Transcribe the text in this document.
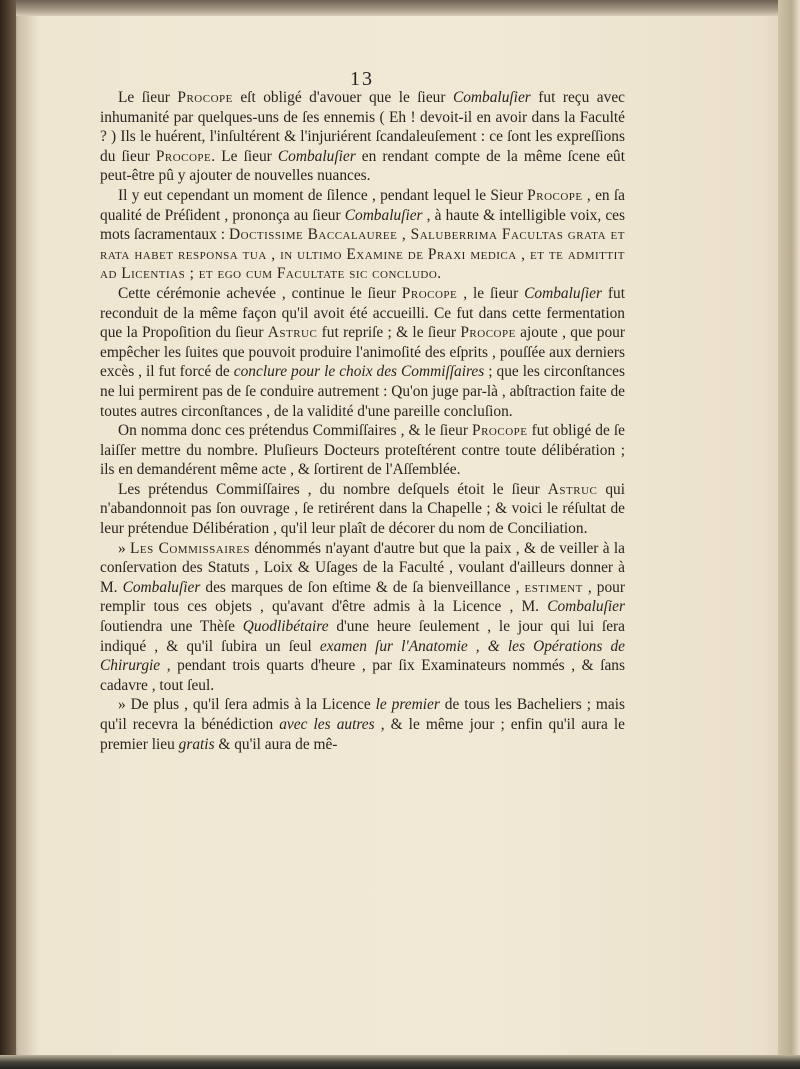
13

Le ſieur Procope eſt obligé d'avouer que le ſieur Combaluſier fut reçu avec inhumanité par quelques-uns de ſes ennemis ( Eh ! devoit-il en avoir dans la Faculté ? ) Ils le huérent, l'inſultérent & l'injuriérent ſcandaleuſement : ce ſont les expreſſions du ſieur Procope. Le ſieur Combaluſier en rendant compte de la même ſcene eût peut-être pû y ajouter de nouvelles nuances.

Il y eut cependant un moment de ſilence , pendant lequel le Sieur Procope , en ſa qualité de Préſident , prononça au ſieur Combaluſier , à haute & intelligible voix, ces mots ſacramentaux : Doctissime Baccalauree , Saluberrima Facultas grata et rata habet responsa tua , in ultimo Examine de Praxi medica , et te admittit ad Licentias ; et ego cum Facultate sic concludo.

Cette cérémonie achevée , continue le ſieur Procope , le ſieur Combaluſier fut reconduit de la même façon qu'il avoit été accueilli. Ce fut dans cette fermentation que la Propoſition du ſieur Astruc fut repriſe ; & le ſieur Procope ajoute , que pour empêcher les ſuites que pouvoit produire l'animoſité des eſprits , pouſſée aux derniers excès , il fut forcé de conclure pour le choix des Commiſſaires ; que les circonſtances ne lui permirent pas de ſe conduire autrement : Qu'on juge par-là , abſtraction faite de toutes autres circonſtances , de la validité d'une pareille concluſion.

On nomma donc ces prétendus Commiſſaires , & le ſieur Procope fut obligé de ſe laiſſer mettre du nombre. Pluſieurs Docteurs proteſtérent contre toute délibération ; ils en demandérent même acte , & ſortirent de l'Aſſemblée.

Les prétendus Commiſſaires , du nombre deſquels étoit le ſieur Astruc qui n'abandonnoit pas ſon ouvrage , ſe retirérent dans la Chapelle ; & voici le réſultat de leur prétendue Délibération , qu'il leur plaît de décorer du nom de Conciliation.

» Les Commissaires dénommés n'ayant d'autre but que la paix , & de veiller à la conſervation des Statuts , Loix & Uſages de la Faculté , voulant d'ailleurs donner à M. Combaluſier des marques de ſon eſtime & de ſa bienveillance , estiment , pour remplir tous ces objets , qu'avant d'être admis à la Licence , M. Combaluſier ſoutiendra une Thèſe Quodlibétaire d'une heure ſeulement , le jour qui lui ſera indiqué , & qu'il ſubira un ſeul examen ſur l'Anatomie , & les Opérations de Chirurgie , pendant trois quarts d'heure , par ſix Examinateurs nommés , & ſans cadavre , tout ſeul.

» De plus , qu'il ſera admis à la Licence le premier de tous les Bacheliers ; mais qu'il recevra la bénédiction avec les autres , & le même jour ; enfin qu'il aura le premier lieu gratis & qu'il aura de mê-
